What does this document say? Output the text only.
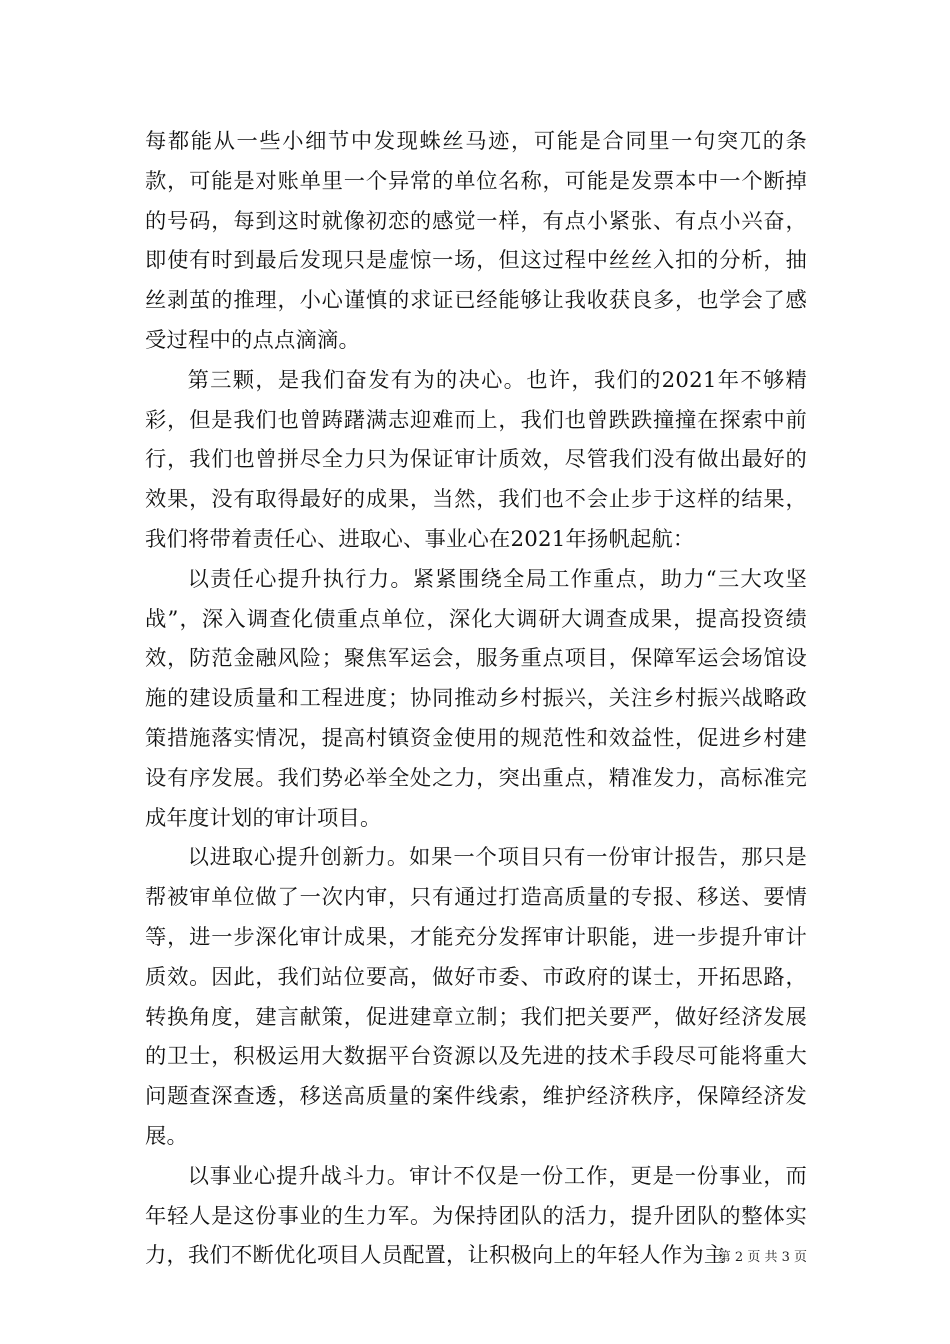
每都能从一些小细节中发现蛛丝马迹，可能是合同里一句突兀的条款，可能是对账单里一个异常的单位名称，可能是发票本中一个断掉的号码，每到这时就像初恋的感觉一样，有点小紧张、有点小兴奋，即使有时到最后发现只是虚惊一场，但这过程中丝丝入扣的分析，抽丝剥茧的推理，小心谨慎的求证已经能够让我收获良多，也学会了感受过程中的点点滴滴。

第三颗，是我们奋发有为的决心。也许，我们的2021年不够精彩，但是我们也曾踌躇满志迎难而上，我们也曾跌跌撞撞在探索中前行，我们也曾拼尽全力只为保证审计质效，尽管我们没有做出最好的效果，没有取得最好的成果，当然，我们也不会止步于这样的结果，我们将带着责任心、进取心、事业心在2021年扬帆起航：

以责任心提升执行力。紧紧围绕全局工作重点，助力“三大攻坚战”，深入调查化债重点单位，深化大调研大调查成果，提高投资绩效，防范金融风险；聚焦军运会，服务重点项目，保障军运会场馆设施的建设质量和工程进度；协同推动乡村振兴，关注乡村振兴战略政策措施落实情况，提高村镇资金使用的规范性和效益性，促进乡村建设有序发展。我们势必举全处之力，突出重点，精准发力，高标准完成年度计划的审计项目。

以进取心提升创新力。如果一个项目只有一份审计报告，那只是帮被审单位做了一次内审，只有通过打造高质量的专报、移送、要情等，进一步深化审计成果，才能充分发挥审计职能，进一步提升审计质效。因此，我们站位要高，做好市委、市政府的谋士，开拓思路，转换角度，建言献策，促进建章立制；我们把关要严，做好经济发展的卫士，积极运用大数据平台资源以及先进的技术手段尽可能将重大问题查深查透，移送高质量的案件线索，维护经济秩序，保障经济发展。

以事业心提升战斗力。审计不仅是一份工作，更是一份事业，而年轻人是这份事业的生力军。为保持团队的活力，提升团队的整体实力，我们不断优化项目人员配置，让积极向上的年轻人作为主

第 2 页 共 3 页
